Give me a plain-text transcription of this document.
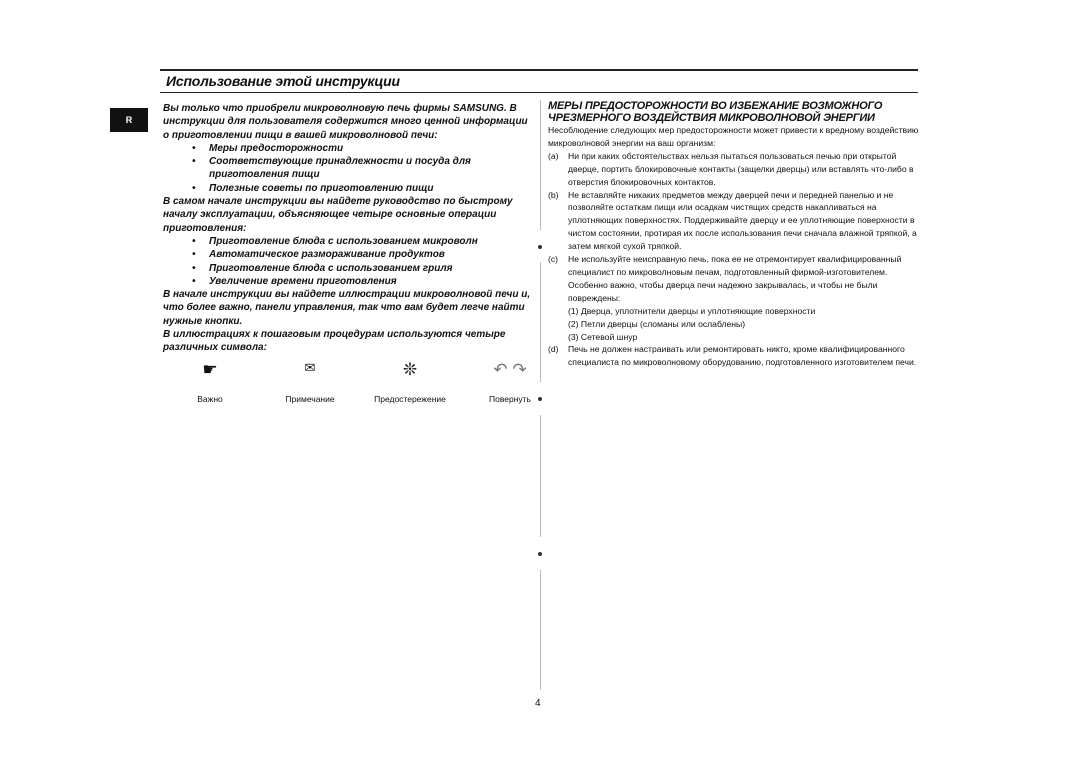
Использование этой инструкции
R

Вы только что приобрели микроволновую печь фирмы SAMSUNG. В инструкции для пользователя содержится много ценной информации о приготовлении пищи в вашей микроволновой печи:

• Меры предосторожности
• Соответствующие принадлежности и посуда для приготовления пищи
• Полезные советы по приготовлению пищи

В самом начале инструкции вы найдете руководство по быстрому началу эксплуатации, объясняющее четыре основные операции приготовления:

• Приготовление блюда с использованием микроволн
• Автоматическое размораживание продуктов
• Приготовление блюда с использованием гриля
• Увеличение времени приготовления

В начале инструкции вы найдете иллюстрации микроволновой печи и, что более важно, панели управления, так что вам будет легче найти нужные кнопки.

В иллюстрациях к пошаговым процедурам используются четыре различных символа:

☛
Важно
✉
Примечание
❊
Предостережение
↶ ↷
Повернуть
МЕРЫ ПРЕДОСТОРОЖНОСТИ ВО ИЗБЕЖАНИЕ ВОЗМОЖНОГО ЧРЕЗМЕРНОГО ВОЗДЕЙСТВИЯ МИКРОВОЛНОВОЙ ЭНЕРГИИ

Несоблюдение следующих мер предосторожности может привести к вредному воздействию микроволновой энергии на ваш организм:

(a) Ни при каких обстоятельствах нельзя пытаться пользоваться печью при открытой дверце, портить блокировочные контакты (защелки дверцы) или вставлять что-либо в отверстия блокировочных контактов.
(b) Не вставляйте никаких предметов между дверцей печи и передней панелью и не позволяйте остаткам пищи или осадкам чистящих средств накапливаться на уплотняющих поверхностях. Поддерживайте дверцу и ее уплотняющие поверхности в чистом состоянии, протирая их после использования печи сначала влажной тряпкой, а затем мягкой сухой тряпкой.
(c) Не используйте неисправную печь, пока ее не отремонтирует квалифицированный специалист по микроволновым печам, подготовленный фирмой-изготовителем. Особенно важно, чтобы дверца печи надежно закрывалась, и чтобы не были повреждены:
(1) Дверца, уплотнители дверцы и уплотняющие поверхности
(2) Петли дверцы (сломаны или ослаблены)
(3) Сетевой шнур
(d) Печь не должен настраивать или ремонтировать никто, кроме квалифицированного специалиста по микроволновому оборудованию, подготовленного изготовителем печи.
4
